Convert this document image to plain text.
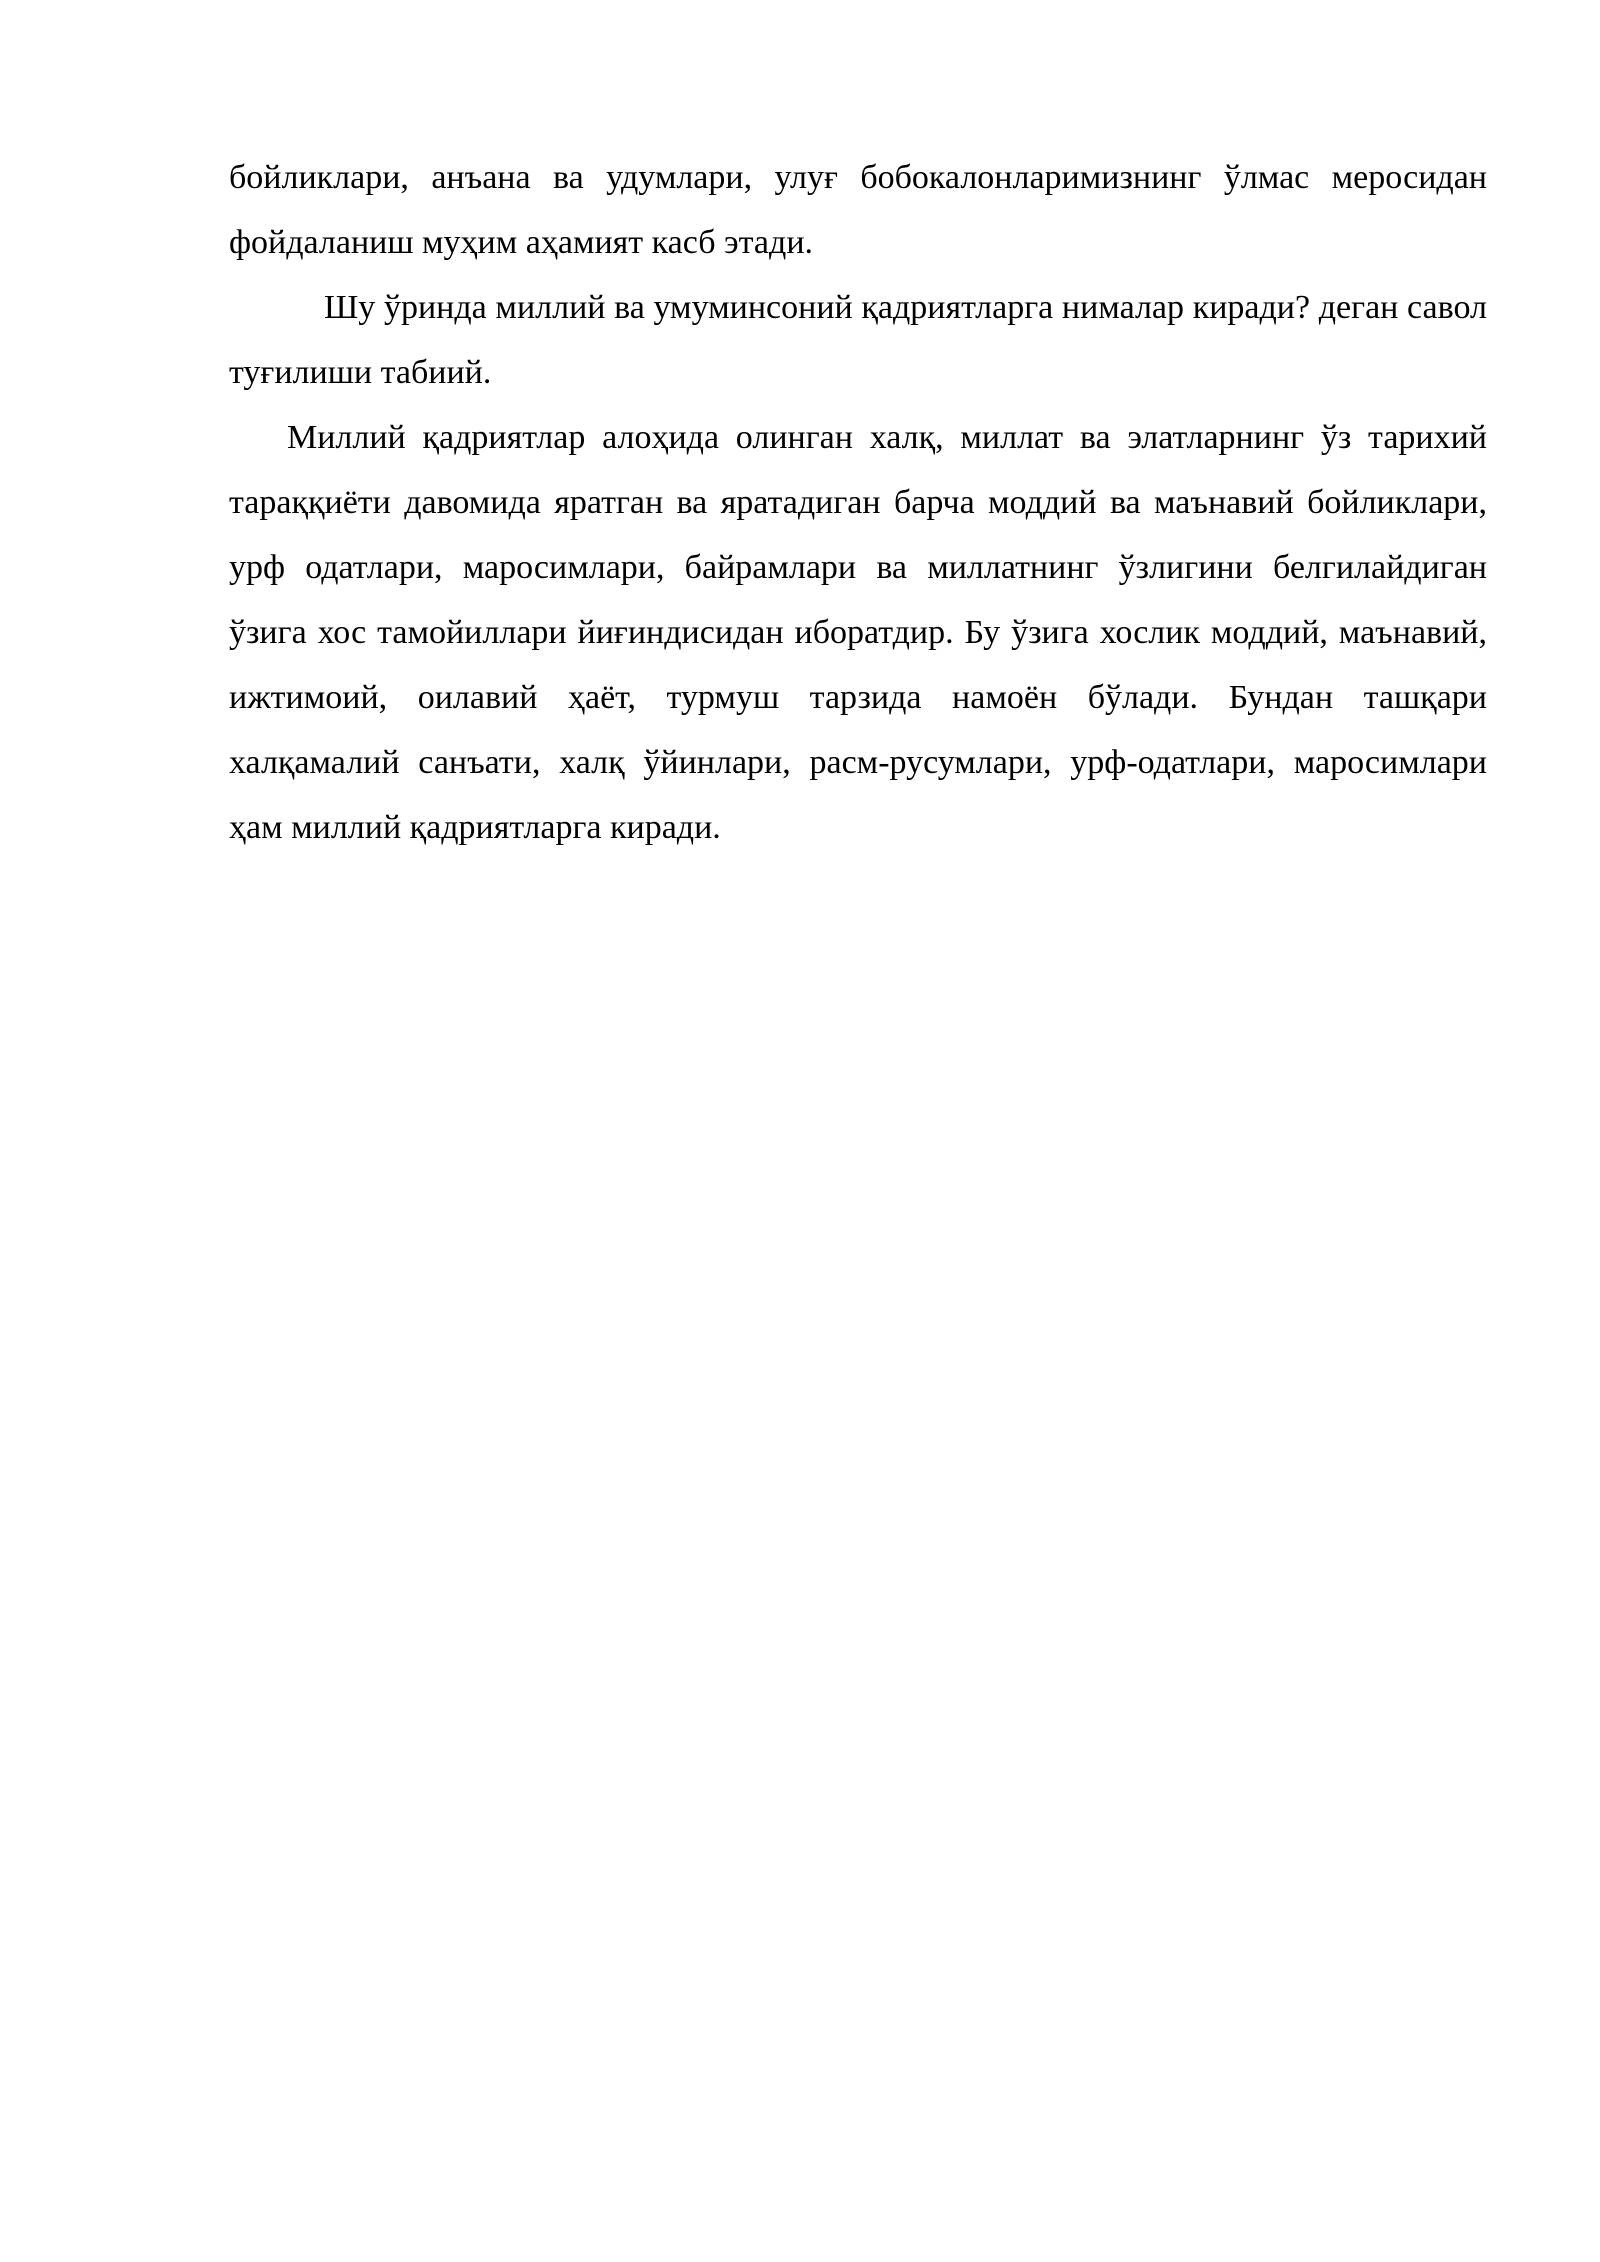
бойликлари, анъана ва удумлари, улуғ бобокалонларимизнинг ўлмас меросидан фойдаланиш муҳим аҳамият касб этади.

Шу ўринда миллий ва умуминсоний қадриятларга нималар киради? деган савол туғилиши табиий.

Миллий қадриятлар алоҳида олинган халқ, миллат ва элатларнинг ўз тарихий тараққиёти давомида яратган ва яратадиган барча моддий ва маънавий бойликлари, урф одатлари, маросимлари, байрамлари ва миллатнинг ўзлигини белгилайдиган ўзига хос тамойиллари йиғиндисидан иборатдир. Бу ўзига хослик моддий, маънавий, ижтимоий, оилавий ҳаёт, турмуш тарзида намоён бўлади. Бундан ташқари халқамалий санъати, халқ ўйинлари, расм-русумлари, урф-одатлари, маросимлари ҳам миллий қадриятларга киради.
